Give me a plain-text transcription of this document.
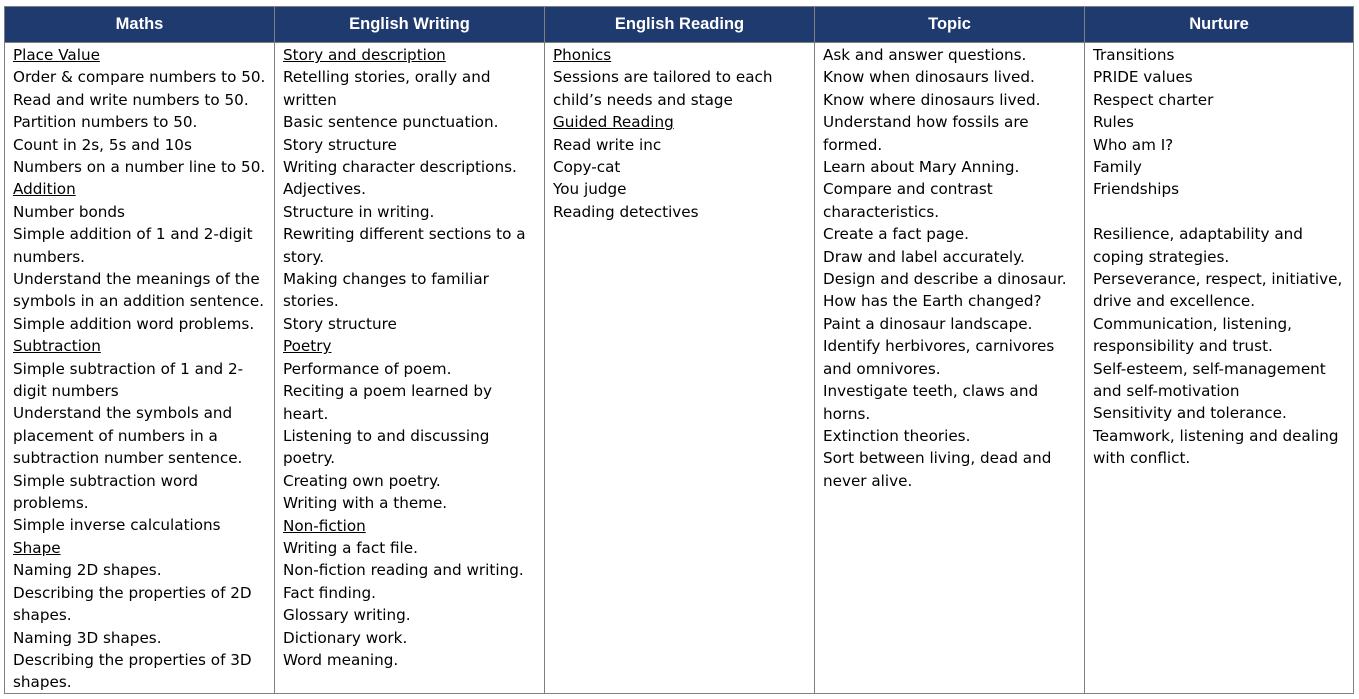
Maths
Place Value
Order & compare numbers to 50.
Read and write numbers to 50.
Partition numbers to 50.
Count in 2s, 5s and 10s
Numbers on a number line to 50.
Addition
Number bonds
Simple addition of 1 and 2-digit numbers.
Understand the meanings of the symbols in an addition sentence.
Simple addition word problems.
Subtraction
Simple subtraction of 1 and 2-digit numbers
Understand the symbols and placement of numbers in a subtraction number sentence.
Simple subtraction word problems.
Simple inverse calculations
Shape
Naming 2D shapes.
Describing the properties of 2D shapes.
Naming 3D shapes.
Describing the properties of 3D shapes.
English Writing
Story and description
Retelling stories, orally and written
Basic sentence punctuation.
Story structure
Writing character descriptions.
Adjectives.
Structure in writing.
Rewriting different sections to a story.
Making changes to familiar stories.
Story structure
Poetry
Performance of poem.
Reciting a poem learned by heart.
Listening to and discussing poetry.
Creating own poetry.
Writing with a theme.
Non-fiction
Writing a fact file.
Non-fiction reading and writing.
Fact finding.
Glossary writing.
Dictionary work.
Word meaning.
English Reading
Phonics
Sessions are tailored to each child’s needs and stage
Guided Reading
Read write inc
Copy-cat
You judge
Reading detectives
Topic
Ask and answer questions.
Know when dinosaurs lived.
Know where dinosaurs lived.
Understand how fossils are formed.
Learn about Mary Anning.
Compare and contrast characteristics.
Create a fact page.
Draw and label accurately.
Design and describe a dinosaur.
How has the Earth changed?
Paint a dinosaur landscape.
Identify herbivores, carnivores and omnivores.
Investigate teeth, claws and horns.
Extinction theories.
Sort between living, dead and never alive.
Nurture
Transitions
PRIDE values
Respect charter
Rules
Who am I?
Family
Friendships
Resilience, adaptability and coping strategies.
Perseverance, respect, initiative, drive and excellence.
Communication, listening, responsibility and trust.
Self-esteem, self-management and self-motivation
Sensitivity and tolerance.
Teamwork, listening and dealing with conflict.
